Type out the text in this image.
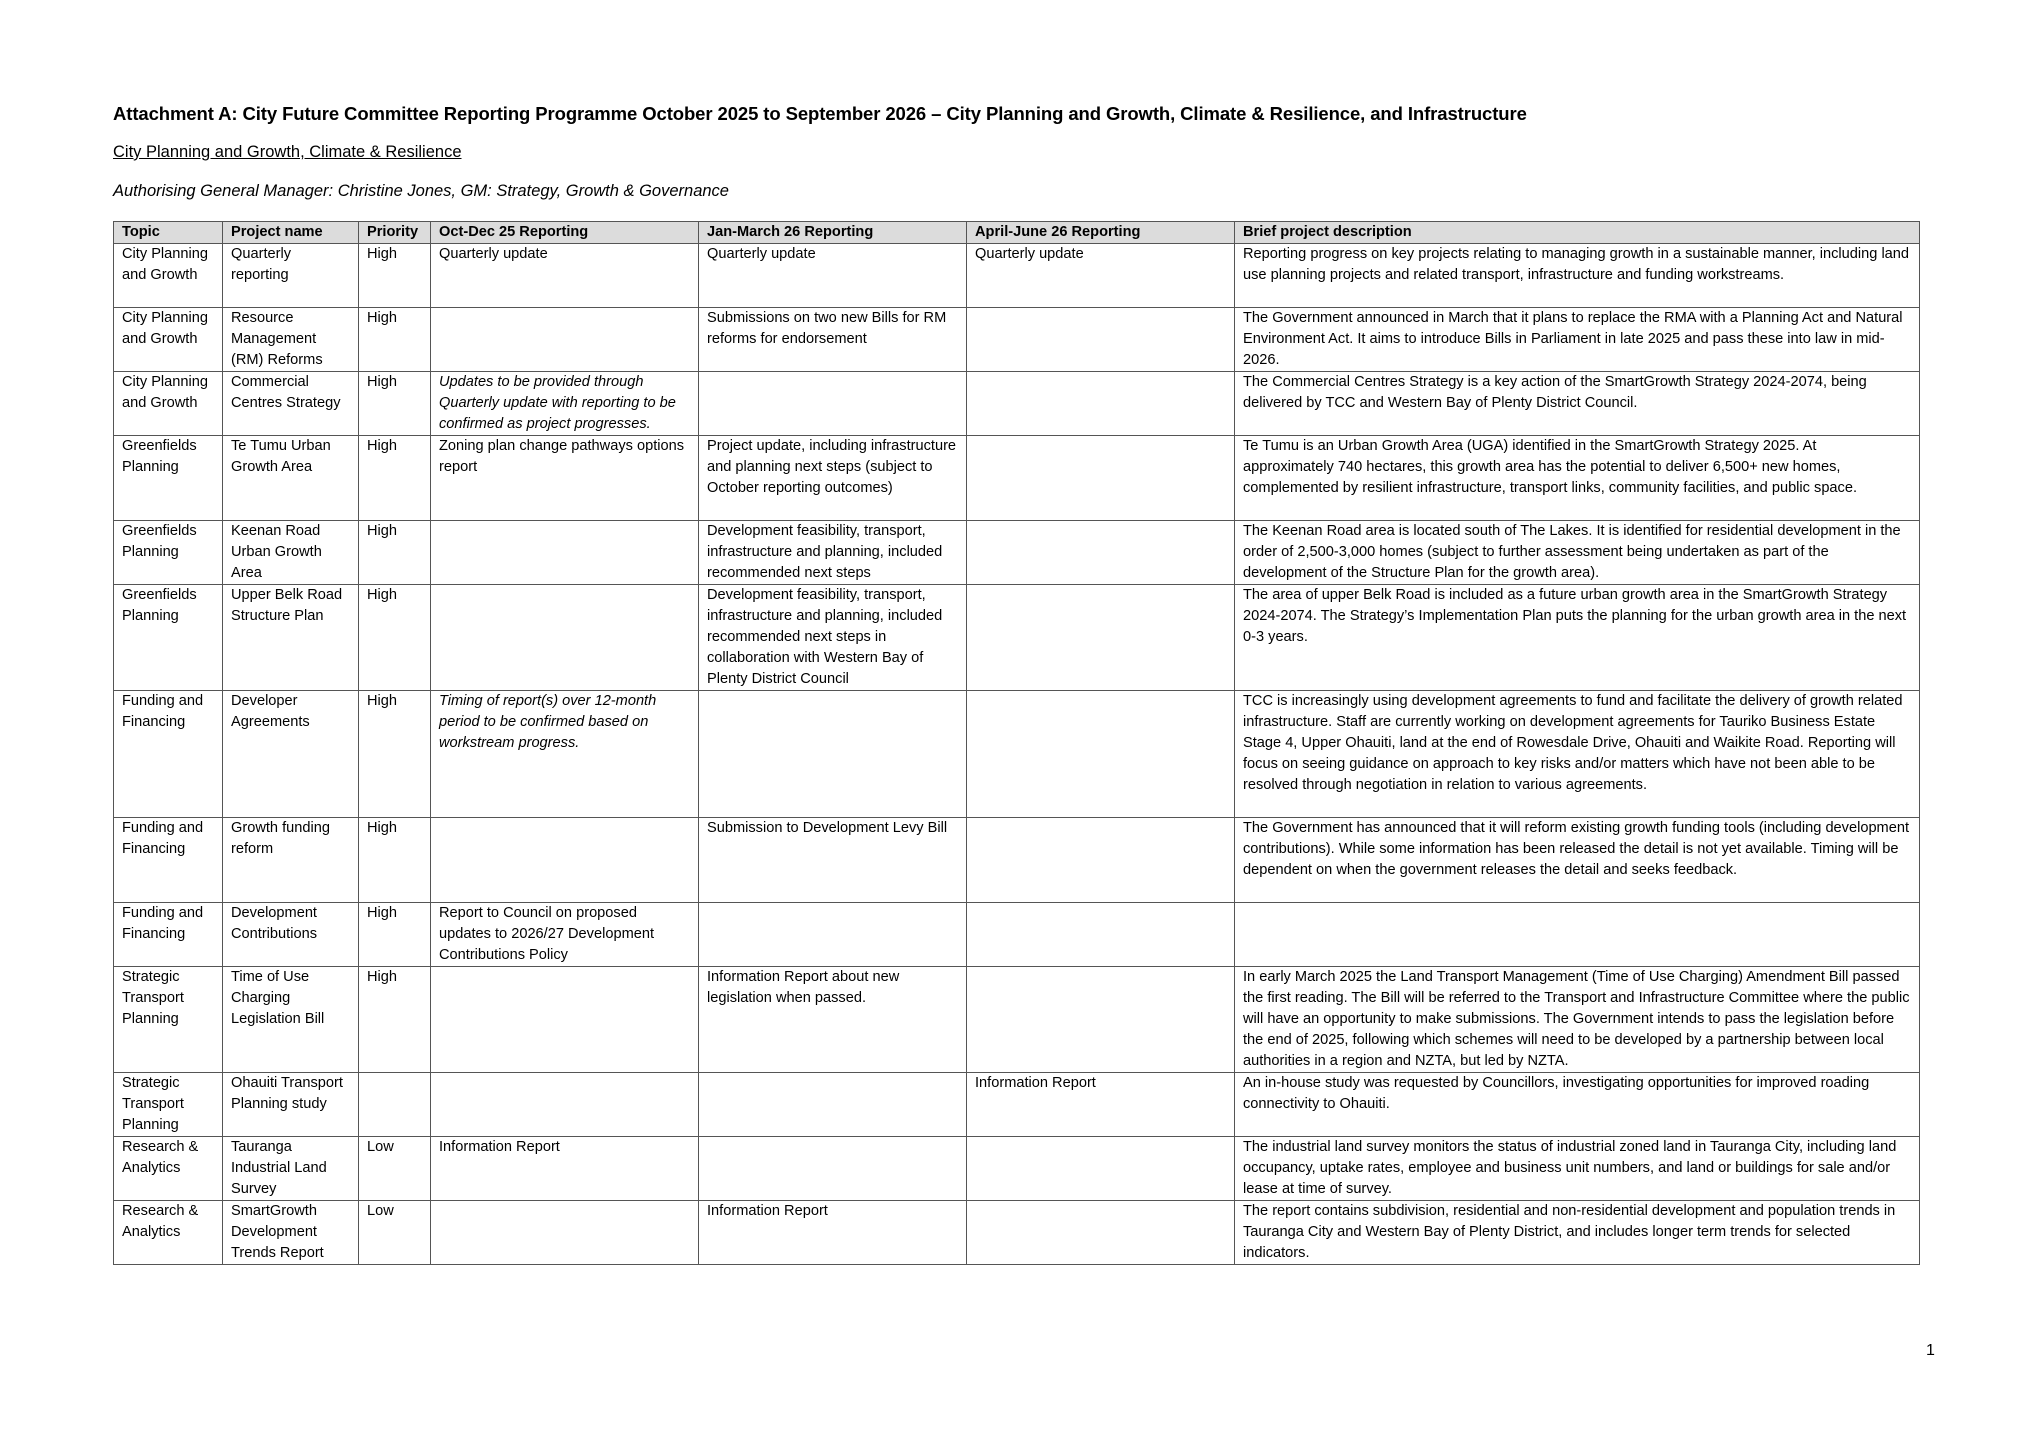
Attachment A: City Future Committee Reporting Programme October 2025 to September 2026 – City Planning and Growth, Climate & Resilience, and Infrastructure
City Planning and Growth, Climate & Resilience
Authorising General Manager: Christine Jones, GM: Strategy, Growth & Governance
Topic	Project name	Priority	Oct-Dec 25 Reporting	Jan-March 26 Reporting	April-June 26 Reporting	Brief project description
City Planning and Growth	Quarterly reporting	High	Quarterly update	Quarterly update	Quarterly update	Reporting progress on key projects relating to managing growth in a sustainable manner, including land use planning projects and related transport, infrastructure and funding workstreams.
City Planning and Growth	Resource Management (RM) Reforms	High		Submissions on two new Bills for RM reforms for endorsement		The Government announced in March that it plans to replace the RMA with a Planning Act and Natural Environment Act. It aims to introduce Bills in Parliament in late 2025 and pass these into law in mid-2026.
City Planning and Growth	Commercial Centres Strategy	High	Updates to be provided through Quarterly update with reporting to be confirmed as project progresses.			The Commercial Centres Strategy is a key action of the SmartGrowth Strategy 2024-2074, being delivered by TCC and Western Bay of Plenty District Council.
Greenfields Planning	Te Tumu Urban Growth Area	High	Zoning plan change pathways options report	Project update, including infrastructure and planning next steps (subject to October reporting outcomes)		Te Tumu is an Urban Growth Area (UGA) identified in the SmartGrowth Strategy 2025. At approximately 740 hectares, this growth area has the potential to deliver 6,500+ new homes, complemented by resilient infrastructure, transport links, community facilities, and public space.
Greenfields Planning	Keenan Road Urban Growth Area	High		Development feasibility, transport, infrastructure and planning, included recommended next steps		The Keenan Road area is located south of The Lakes. It is identified for residential development in the order of 2,500-3,000 homes (subject to further assessment being undertaken as part of the development of the Structure Plan for the growth area).
Greenfields Planning	Upper Belk Road Structure Plan	High		Development feasibility, transport, infrastructure and planning, included recommended next steps in collaboration with Western Bay of Plenty District Council		The area of upper Belk Road is included as a future urban growth area in the SmartGrowth Strategy 2024-2074. The Strategy’s Implementation Plan puts the planning for the urban growth area in the next 0-3 years.
Funding and Financing	Developer Agreements	High	Timing of report(s) over 12-month period to be confirmed based on workstream progress.			TCC is increasingly using development agreements to fund and facilitate the delivery of growth related infrastructure. Staff are currently working on development agreements for Tauriko Business Estate Stage 4, Upper Ohauiti, land at the end of Rowesdale Drive, Ohauiti and Waikite Road. Reporting will focus on seeing guidance on approach to key risks and/or matters which have not been able to be resolved through negotiation in relation to various agreements.
Funding and Financing	Growth funding reform	High		Submission to Development Levy Bill		The Government has announced that it will reform existing growth funding tools (including development contributions). While some information has been released the detail is not yet available. Timing will be dependent on when the government releases the detail and seeks feedback.
Funding and Financing	Development Contributions	High	Report to Council on proposed updates to 2026/27 Development Contributions Policy			
Strategic Transport Planning	Time of Use Charging Legislation Bill	High		Information Report about new legislation when passed.		In early March 2025 the Land Transport Management (Time of Use Charging) Amendment Bill passed the first reading. The Bill will be referred to the Transport and Infrastructure Committee where the public will have an opportunity to make submissions. The Government intends to pass the legislation before the end of 2025, following which schemes will need to be developed by a partnership between local authorities in a region and NZTA, but led by NZTA.
Strategic Transport Planning	Ohauiti Transport Planning study				Information Report	An in-house study was requested by Councillors, investigating opportunities for improved roading connectivity to Ohauiti.
Research & Analytics	Tauranga Industrial Land Survey	Low	Information Report			The industrial land survey monitors the status of industrial zoned land in Tauranga City, including land occupancy, uptake rates, employee and business unit numbers, and land or buildings for sale and/or lease at time of survey.
Research & Analytics	SmartGrowth Development Trends Report	Low		Information Report		The report contains subdivision, residential and non-residential development and population trends in Tauranga City and Western Bay of Plenty District, and includes longer term trends for selected indicators.
1
